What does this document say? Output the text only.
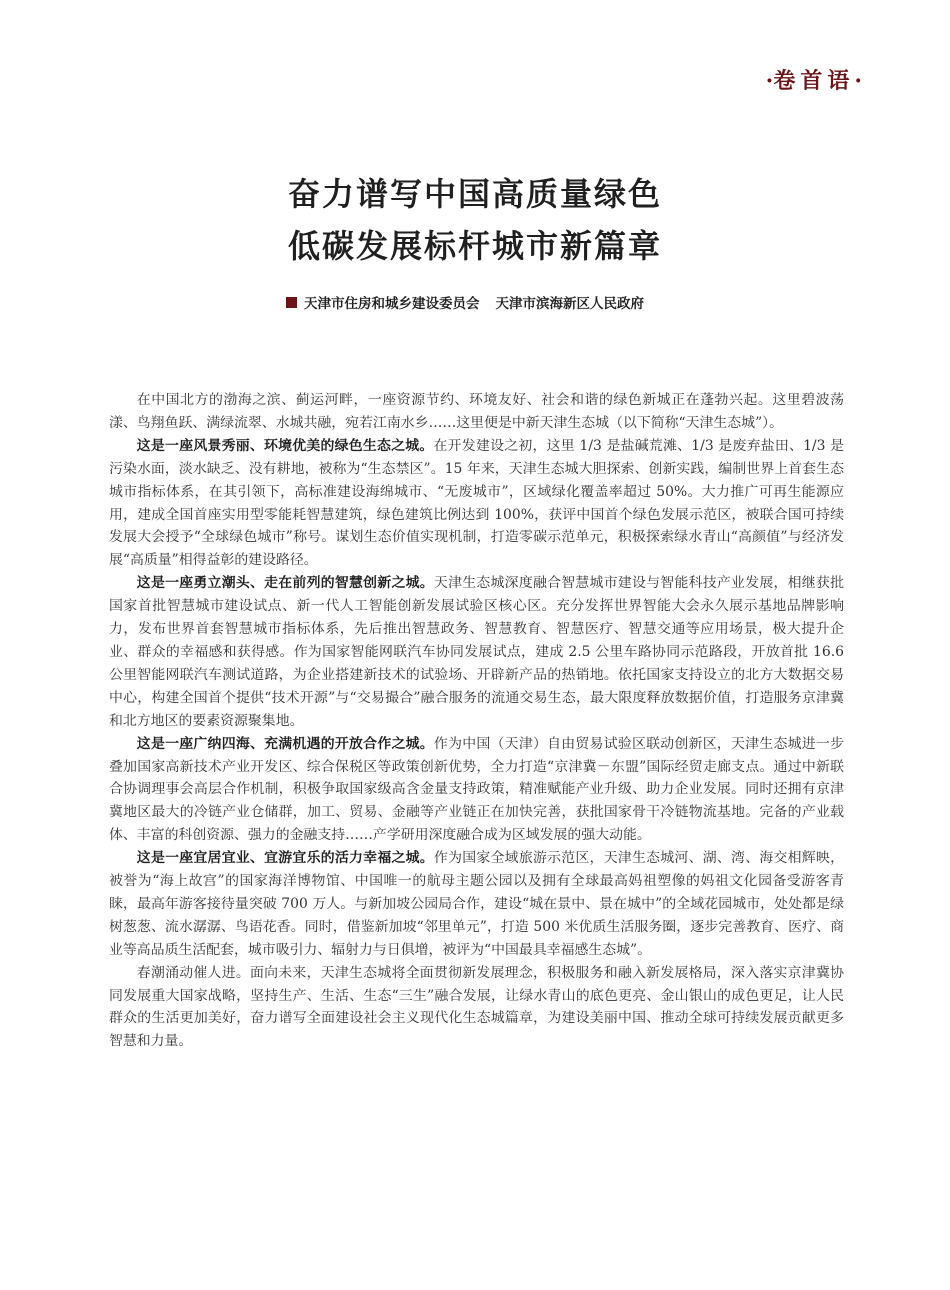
·卷首语·
奋力谱写中国高质量绿色
低碳发展标杆城市新篇章
天津市住房和城乡建设委员会 天津市滨海新区人民政府

在中国北方的渤海之滨、蓟运河畔，一座资源节约、环境友好、社会和谐的绿色新城正在蓬勃兴起。这里碧波荡漾、鸟翔鱼跃、满绿流翠、水城共融，宛若江南水乡……这里便是中新天津生态城（以下简称“天津生态城”）。

这是一座风景秀丽、环境优美的绿色生态之城。在开发建设之初，这里 1/3 是盐碱荒滩、1/3 是废弃盐田、1/3 是污染水面，淡水缺乏、没有耕地，被称为“生态禁区”。15 年来，天津生态城大胆探索、创新实践，编制世界上首套生态城市指标体系，在其引领下，高标准建设海绵城市、“无废城市”，区域绿化覆盖率超过 50%。大力推广可再生能源应用，建成全国首座实用型零能耗智慧建筑，绿色建筑比例达到 100%，获评中国首个绿色发展示范区，被联合国可持续发展大会授予“全球绿色城市”称号。谋划生态价值实现机制，打造零碳示范单元，积极探索绿水青山“高颜值”与经济发展“高质量”相得益彰的建设路径。

这是一座勇立潮头、走在前列的智慧创新之城。天津生态城深度融合智慧城市建设与智能科技产业发展，相继获批国家首批智慧城市建设试点、新一代人工智能创新发展试验区核心区。充分发挥世界智能大会永久展示基地品牌影响力，发布世界首套智慧城市指标体系，先后推出智慧政务、智慧教育、智慧医疗、智慧交通等应用场景，极大提升企业、群众的幸福感和获得感。作为国家智能网联汽车协同发展试点，建成 2.5 公里车路协同示范路段，开放首批 16.6 公里智能网联汽车测试道路，为企业搭建新技术的试验场、开辟新产品的热销地。依托国家支持设立的北方大数据交易中心，构建全国首个提供“技术开源”与“交易撮合”融合服务的流通交易生态，最大限度释放数据价值，打造服务京津冀和北方地区的要素资源聚集地。

这是一座广纳四海、充满机遇的开放合作之城。作为中国（天津）自由贸易试验区联动创新区，天津生态城进一步叠加国家高新技术产业开发区、综合保税区等政策创新优势，全力打造“京津冀－东盟”国际经贸走廊支点。通过中新联合协调理事会高层合作机制，积极争取国家级高含金量支持政策，精准赋能产业升级、助力企业发展。同时还拥有京津冀地区最大的冷链产业仓储群，加工、贸易、金融等产业链正在加快完善，获批国家骨干冷链物流基地。完备的产业载体、丰富的科创资源、强力的金融支持……产学研用深度融合成为区域发展的强大动能。

这是一座宜居宜业、宜游宜乐的活力幸福之城。作为国家全域旅游示范区，天津生态城河、湖、湾、海交相辉映，被誉为“海上故宫”的国家海洋博物馆、中国唯一的航母主题公园以及拥有全球最高妈祖塑像的妈祖文化园备受游客青睐，最高年游客接待量突破 700 万人。与新加坡公园局合作，建设“城在景中、景在城中”的全域花园城市，处处都是绿树葱葱、流水潺潺、鸟语花香。同时，借鉴新加坡“邻里单元”，打造 500 米优质生活服务圈，逐步完善教育、医疗、商业等高品质生活配套，城市吸引力、辐射力与日俱增，被评为“中国最具幸福感生态城”。

春潮涌动催人进。面向未来，天津生态城将全面贯彻新发展理念，积极服务和融入新发展格局，深入落实京津冀协同发展重大国家战略，坚持生产、生活、生态“三生”融合发展，让绿水青山的底色更亮、金山银山的成色更足，让人民群众的生活更加美好，奋力谱写全面建设社会主义现代化生态城篇章，为建设美丽中国、推动全球可持续发展贡献更多智慧和力量。
